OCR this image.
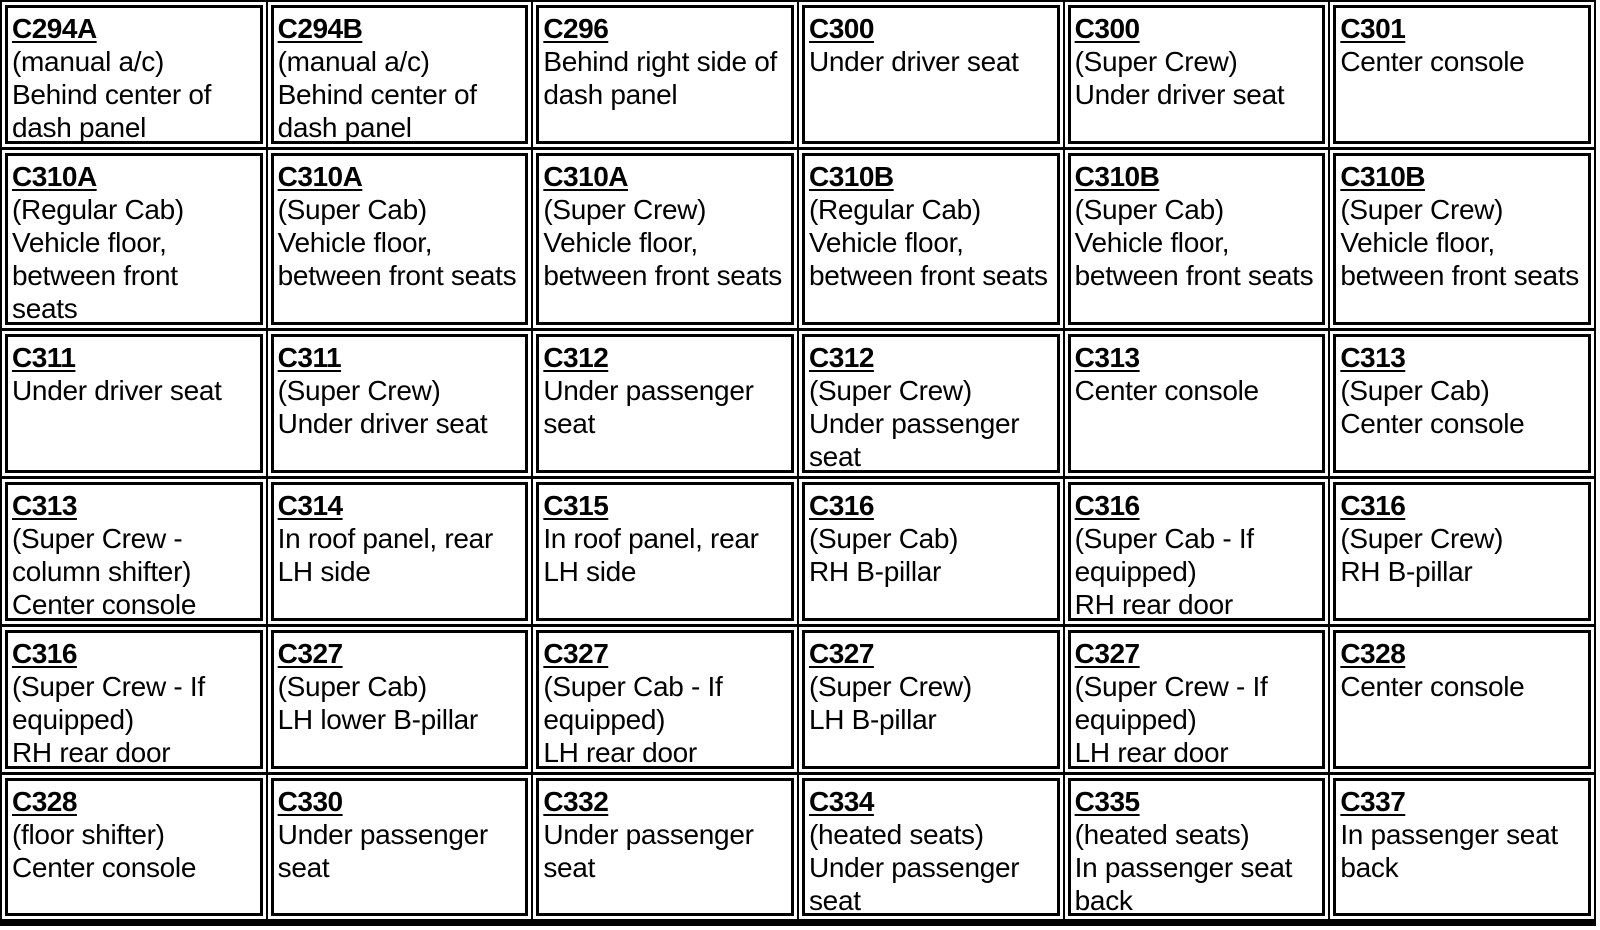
C294A
(manual a/c)
Behind center of
dash panel
C294B
(manual a/c)
Behind center of
dash panel
C296
Behind right side of
dash panel
C300
Under driver seat
C300
(Super Crew)
Under driver seat
C301
Center console
C310A
(Regular Cab)
Vehicle floor,
between front
seats
C310A
(Super Cab)
Vehicle floor,
between front seats
C310A
(Super Crew)
Vehicle floor,
between front seats
C310B
(Regular Cab)
Vehicle floor,
between front seats
C310B
(Super Cab)
Vehicle floor,
between front seats
C310B
(Super Crew)
Vehicle floor,
between front seats
C311
Under driver seat
C311
(Super Crew)
Under driver seat
C312
Under passenger
seat
C312
(Super Crew)
Under passenger
seat
C313
Center console
C313
(Super Cab)
Center console
C313
(Super Crew -
column shifter)
Center console
C314
In roof panel, rear
LH side
C315
In roof panel, rear
LH side
C316
(Super Cab)
RH B-pillar
C316
(Super Cab - If
equipped)
RH rear door
C316
(Super Crew)
RH B-pillar
C316
(Super Crew - If
equipped)
RH rear door
C327
(Super Cab)
LH lower B-pillar
C327
(Super Cab - If
equipped)
LH rear door
C327
(Super Crew)
LH B-pillar
C327
(Super Crew - If
equipped)
LH rear door
C328
Center console
C328
(floor shifter)
Center console
C330
Under passenger
seat
C332
Under passenger
seat
C334
(heated seats)
Under passenger
seat
C335
(heated seats)
In passenger seat
back
C337
In passenger seat
back
